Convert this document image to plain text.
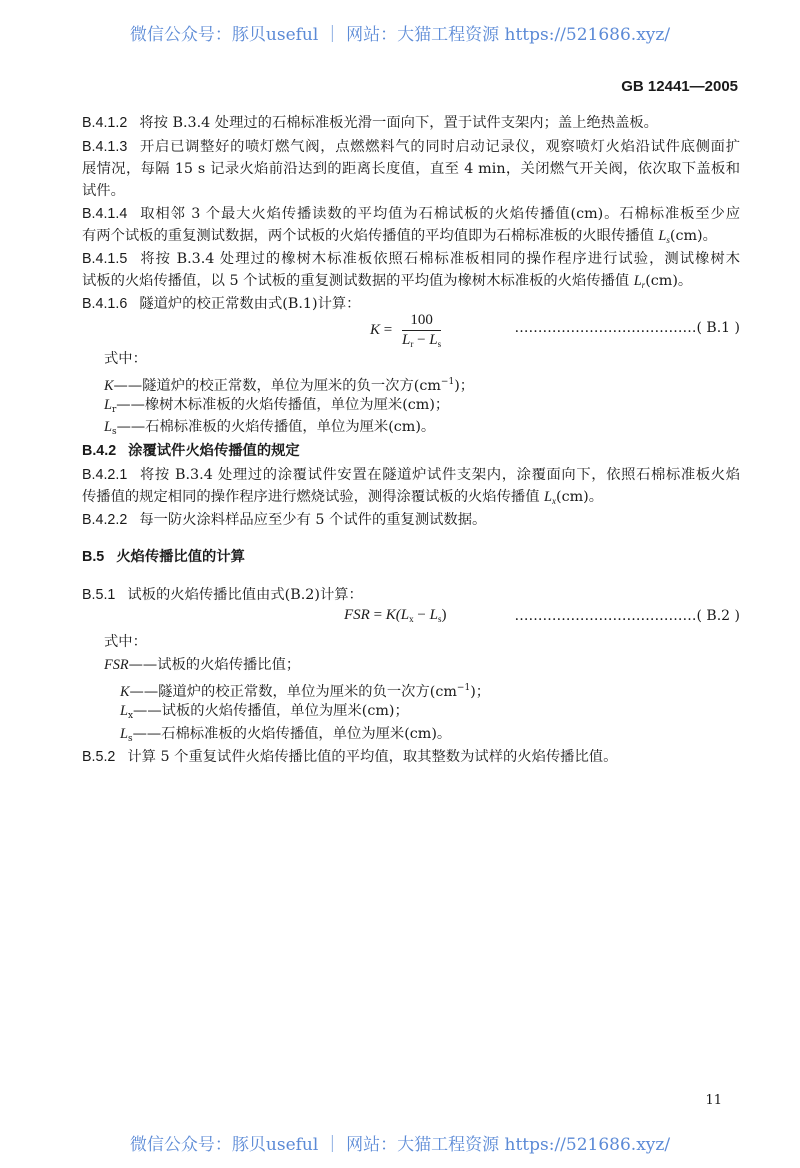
微信公众号：豚贝useful ｜ 网站：大猫工程资源 https://521686.xyz/
GB 12441—2005
B.4.1.2 将按 B.3.4 处理过的石棉标准板光滑一面向下，置于试件支架内；盖上绝热盖板。
B.4.1.3 开启已调整好的喷灯燃气阀，点燃燃料气的同时启动记录仪，观察喷灯火焰沿试件底侧面扩
展情况，每隔 15 s 记录火焰前沿达到的距离长度值，直至 4 min，关闭燃气开关阀，依次取下盖板和
试件。
B.4.1.4 取相邻 3 个最大火焰传播读数的平均值为石棉试板的火焰传播值(cm)。石棉标准板至少应
有两个试板的重复测试数据，两个试板的火焰传播值的平均值即为石棉标准板的火眼传播值 $L_s(cm)$。
B.4.1.5 将按 B.3.4 处理过的橡树木标准板依照石棉标准板相同的操作程序进行试验，测试橡树木
试板的火焰传播值，以 5 个试板的重复测试数据的平均值为橡树木标准板的火焰传播值 $L_r(cm)$。
B.4.1.6 隧道炉的校正常数由式(B.1)计算：
$K = \frac{100}{L_r - L_s}$	…………………………………( B.1 )
式中：
K——隧道炉的校正常数，单位为厘米的负一次方$(cm^{-1})$；
$L_r——$橡树木标准板的火焰传播值，单位为厘米(cm)；
$L_s——$石棉标准板的火焰传播值，单位为厘米(cm)。
B.4.2 涂覆试件火焰传播值的规定
B.4.2.1 将按 B.3.4 处理过的涂覆试件安置在隧道炉试件支架内，涂覆面向下，依照石棉标准板火焰
传播值的规定相同的操作程序进行燃烧试验，测得涂覆试板的火焰传播值 $L_x(cm)$。
B.4.2.2 每一防火涂料样品应至少有 5 个试件的重复测试数据。
B.5 火焰传播比值的计算
B.5.1 试板的火焰传播比值由式(B.2)计算：
FSR = $K(L_x - L_s)$	…………………………………( B.2 )
式中：
FSR——试板的火焰传播比值；
K——隧道炉的校正常数，单位为厘米的负一次方$(cm^{-1})$；
$L_x——$试板的火焰传播值，单位为厘米(cm)；
$L_s——$石棉标准板的火焰传播值，单位为厘米(cm)。
B.5.2 计算 5 个重复试件火焰传播比值的平均值，取其整数为试样的火焰传播比值。
11
微信公众号：豚贝useful ｜ 网站：大猫工程资源 https://521686.xyz/
